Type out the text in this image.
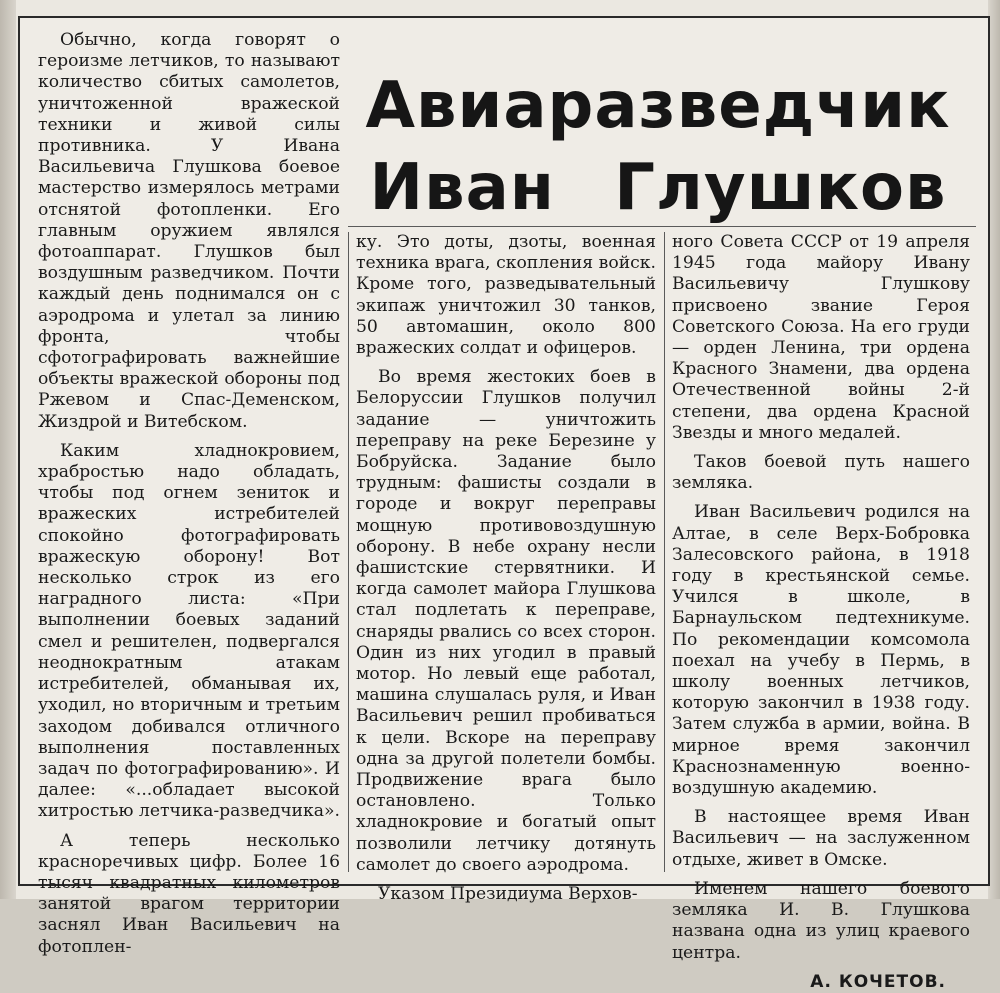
Авиаразведчик
Иван Глушков

Обычно, когда говорят о героизме летчиков, то называют количество сбитых самолетов, уничтоженной вражеской техники и живой силы противника. У Ивана Васильевича Глушкова боевое мастерство измерялось метрами отснятой фотопленки. Его главным оружием являлся фотоаппарат. Глушков был воздушным разведчиком. Почти каждый день поднимался он с аэродрома и улетал за линию фронта, чтобы сфотографировать важнейшие объекты вражеской обороны под Ржевом и Спас-Деменском, Жиздрой и Витебском.

Каким хладнокровием, храбростью надо обладать, чтобы под огнем зениток и вражеских истребителей спокойно фотографировать вражескую оборону! Вот несколько строк из его наградного листа: «При выполнении боевых заданий смел и решителен, подвергался неоднократным атакам истребителей, обманывая их, уходил, но вторичным и третьим заходом добивался отличного выполнения поставленных задач по фотографированию». И далее: «...обладает высокой хитростью летчика-разведчика».

А теперь несколько красноречивых цифр. Более 16 тысяч квадратных километров занятой врагом территории заснял Иван Васильевич на фотоплен-

ку. Это доты, дзоты, военная техника врага, скопления войск. Кроме того, разведывательный экипаж уничтожил 30 танков, 50 автомашин, около 800 вражеских солдат и офицеров.

Во время жестоких боев в Белоруссии Глушков получил задание — уничтожить переправу на реке Березине у Бобруйска. Задание было трудным: фашисты создали в городе и вокруг переправы мощную противовоздушную оборону. В небе охрану несли фашистские стервятники. И когда самолет майора Глушкова стал подлетать к переправе, снаряды рвались со всех сторон. Один из них угодил в правый мотор. Но левый еще работал, машина слушалась руля, и Иван Васильевич решил пробиваться к цели. Вскоре на переправу одна за другой полетели бомбы. Продвижение врага было остановлено. Только хладнокровие и богатый опыт позволили летчику дотянуть самолет до своего аэродрома.

Указом Президиума Верхов-

ного Совета СССР от 19 апреля 1945 года майору Ивану Васильевичу Глушкову присвоено звание Героя Советского Союза. На его груди — орден Ленина, три ордена Красного Знамени, два ордена Отечественной войны 2-й степени, два ордена Красной Звезды и много медалей.

Таков боевой путь нашего земляка.

Иван Васильевич родился на Алтае, в селе Верх-Бобровка Залесовского района, в 1918 году в крестьянской семье. Учился в школе, в Барнаульском педтехникуме. По рекомендации комсомола поехал на учебу в Пермь, в школу военных летчиков, которую закончил в 1938 году. Затем служба в армии, война. В мирное время закончил Краснознаменную военно-воздушную академию.

В настоящее время Иван Васильевич — на заслуженном отдыхе, живет в Омске.

Именем нашего боевого земляка И. В. Глушкова названа одна из улиц краевого центра.

А. КОЧЕТОВ.
